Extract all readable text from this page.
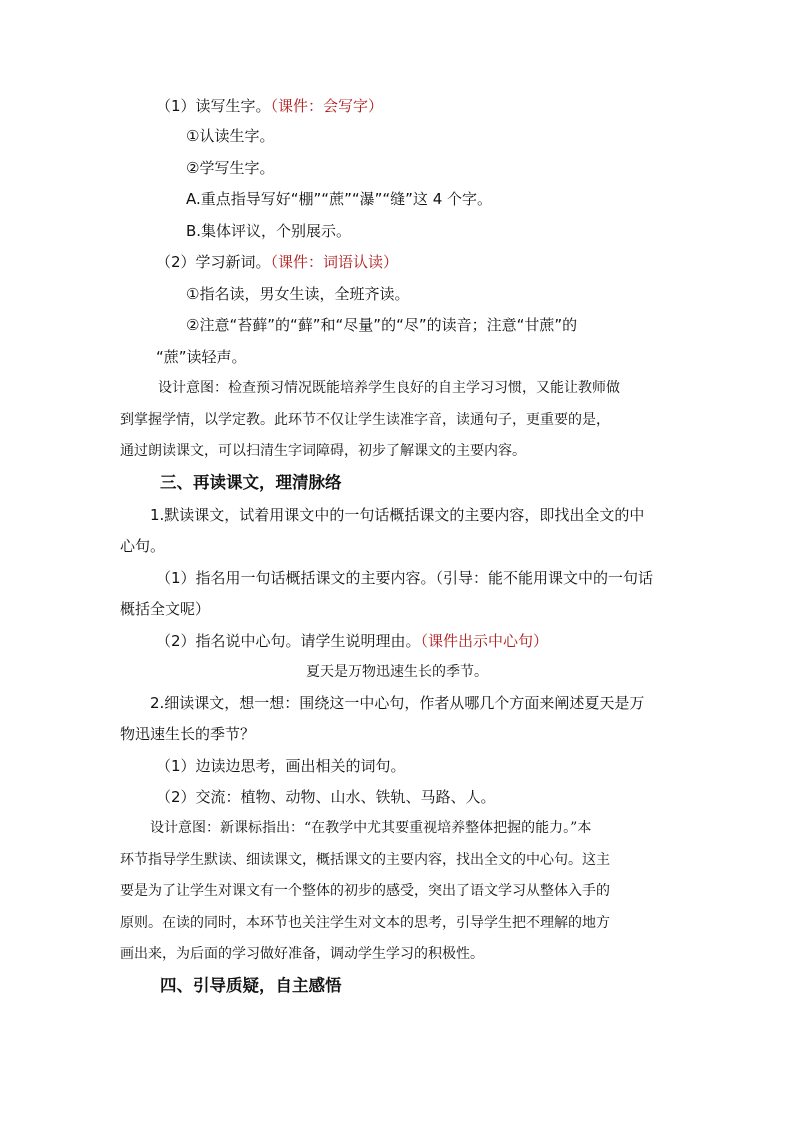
（1）读写生字。（课件：会写字）
①认读生字。
②学写生字。
A.重点指导写好“棚”“蔗”“瀑”“缝”这 4 个字。
B.集体评议，个别展示。
（2）学习新词。（课件：词语认读）
①指名读，男女生读，全班齐读。
②注意“苔藓”的“藓”和“尽量”的“尽”的读音；注意“甘蔗”的
“蔗”读轻声。
设计意图：检查预习情况既能培养学生良好的自主学习习惯，又能让教师做
到掌握学情，以学定教。此环节不仅让学生读准字音，读通句子，更重要的是，
通过朗读课文，可以扫清生字词障碍，初步了解课文的主要内容。
三、再读课文，理清脉络
1.默读课文，试着用课文中的一句话概括课文的主要内容，即找出全文的中
心句。
（1）指名用一句话概括课文的主要内容。（引导：能不能用课文中的一句话
概括全文呢）
（2）指名说中心句。请学生说明理由。（课件出示中心句）
夏天是万物迅速生长的季节。
2.细读课文，想一想：围绕这一中心句，作者从哪几个方面来阐述夏天是万
物迅速生长的季节？
（1）边读边思考，画出相关的词句。
（2）交流：植物、动物、山水、铁轨、马路、人。
设计意图：新课标指出：“在教学中尤其要重视培养整体把握的能力。”本
环节指导学生默读、细读课文，概括课文的主要内容，找出全文的中心句。这主
要是为了让学生对课文有一个整体的初步的感受，突出了语文学习从整体入手的
原则。在读的同时，本环节也关注学生对文本的思考，引导学生把不理解的地方
画出来，为后面的学习做好准备，调动学生学习的积极性。
四、引导质疑，自主感悟
